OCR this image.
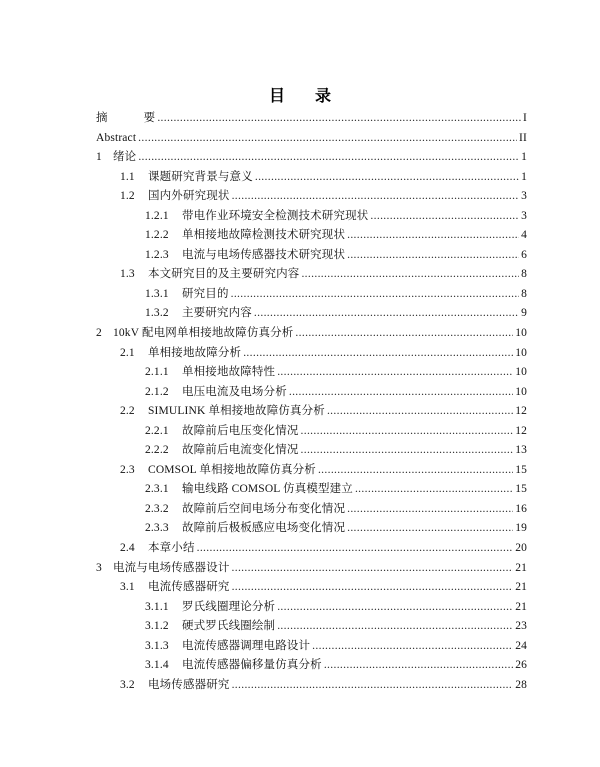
目 录
摘 要 .....	I
Abstract .....	II
1 绪论 .....	1
1.1	课题研究背景与意义 .....	1
1.2	国内外研究现状 .....	3
1.2.1	带电作业环境安全检测技术研究现状 .....	3
1.2.2	单相接地故障检测技术研究现状 .....	4
1.2.3	电流与电场传感器技术研究现状 .....	6
1.3	本文研究目的及主要研究内容 .....	8
1.3.1	研究目的 .....	8
1.3.2	主要研究内容 .....	9
2 10kV 配电网单相接地故障仿真分析 .....	10
2.1	单相接地故障分析 .....	10
2.1.1	单相接地故障特性 .....	10
2.1.2	电压电流及电场分析 .....	10
2.2	SIMULINK 单相接地故障仿真分析 .....	12
2.2.1	故障前后电压变化情况 .....	12
2.2.2	故障前后电流变化情况 .....	13
2.3	COMSOL 单相接地故障仿真分析 .....	15
2.3.1	输电线路 COMSOL 仿真模型建立 .....	15
2.3.2	故障前后空间电场分布变化情况 .....	16
2.3.3	故障前后极板感应电场变化情况 .....	19
2.4	本章小结 .....	20
3 电流与电场传感器设计 .....	21
3.1	电流传感器研究 .....	21
3.1.1	罗氏线圈理论分析 .....	21
3.1.2	硬式罗氏线圈绘制 .....	23
3.1.3	电流传感器调理电路设计 .....	24
3.1.4	电流传感器偏移量仿真分析 .....	26
3.2	电场传感器研究 .....	28
